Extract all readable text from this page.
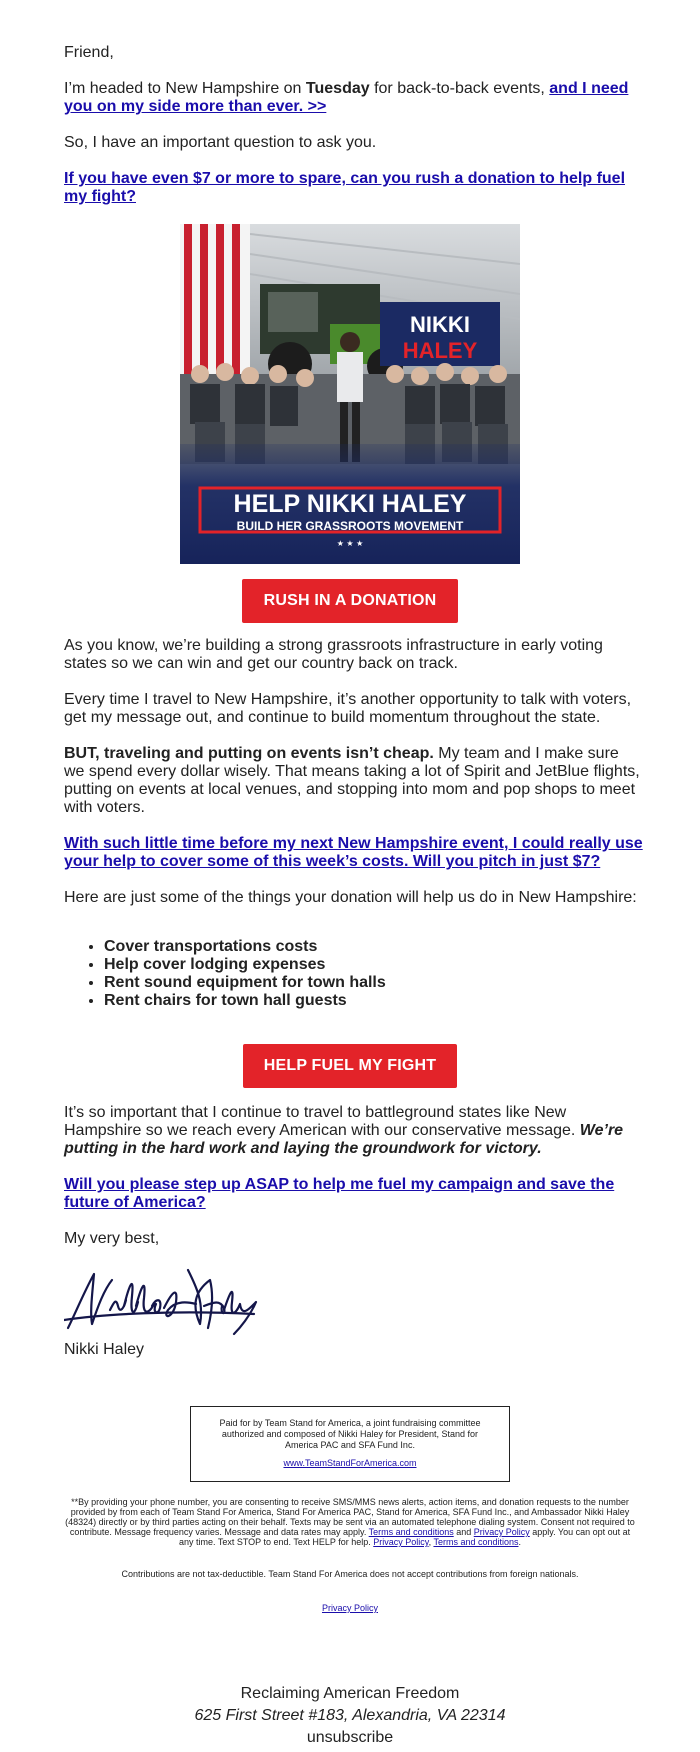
Friend,

I’m headed to New Hampshire on Tuesday for back-to-back events, and I need you on my side more than ever. >>

So, I have an important question to ask you.

If you have even $7 or more to spare, can you rush a donation to help fuel my fight?

NIKKI
HALEY
HELP NIKKI HALEY
BUILD HER GRASSROOTS MOVEMENT
★ ★ ★
RUSH IN A DONATION

As you know, we’re building a strong grassroots infrastructure in early voting states so we can win and get our country back on track.

Every time I travel to New Hampshire, it’s another opportunity to talk with voters, get my message out, and continue to build momentum throughout the state.

BUT, traveling and putting on events isn’t cheap. My team and I make sure we spend every dollar wisely. That means taking a lot of Spirit and JetBlue flights, putting on events at local venues, and stopping into mom and pop shops to meet with voters.

With such little time before my next New Hampshire event, I could really use your help to cover some of this week’s costs. Will you pitch in just $7?

Here are just some of the things your donation will help us do in New Hampshire:

• Cover transportations costs
• Help cover lodging expenses
• Rent sound equipment for town halls
• Rent chairs for town hall guests
HELP FUEL MY FIGHT

It’s so important that I continue to travel to battleground states like New Hampshire so we reach every American with our conservative message. We’re putting in the hard work and laying the groundwork for victory.

Will you please step up ASAP to help me fuel my campaign and save the future of America?

My very best,

Nikki Haley

Paid for by Team Stand for America, a joint fundraising committee authorized and composed of Nikki Haley for President, Stand for America PAC and SFA Fund Inc.
www.TeamStandForAmerica.com
**By providing your phone number, you are consenting to receive SMS/MMS news alerts, action items, and donation requests to the number provided by from each of Team Stand For America, Stand For America PAC, Stand for America, SFA Fund Inc., and Ambassador Nikki Haley (48324) directly or by third parties acting on their behalf. Texts may be sent via an automated telephone dialing system. Consent not required to contribute. Message frequency varies. Message and data rates may apply. Terms and conditions and Privacy Policy apply. You can opt out at any time. Text STOP to end. Text HELP for help. Privacy Policy, Terms and conditions.
Contributions are not tax-deductible. Team Stand For America does not accept contributions from foreign nationals.
Privacy Policy
Reclaiming American Freedom
625 First Street #183, Alexandria, VA 22314
unsubscribe
